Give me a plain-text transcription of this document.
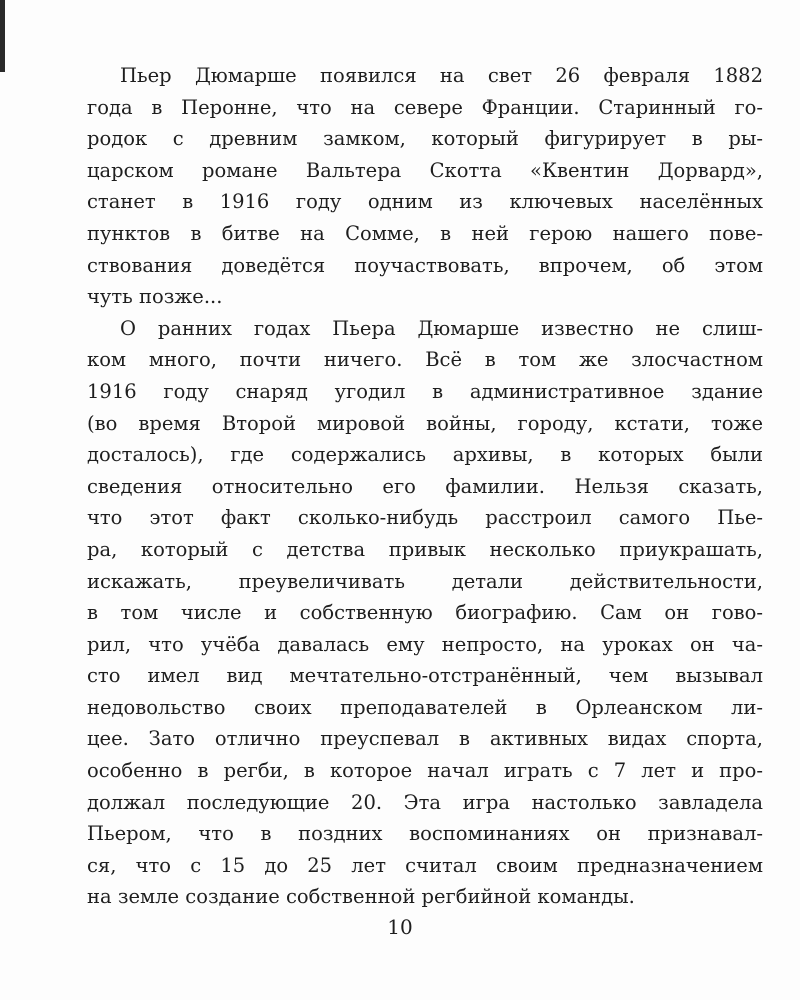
Пьер Дюмарше появился на свет 26 февраля 1882
года в Перонне, что на севере Франции. Старинный го-
родок с древним замком, который фигурирует в ры-
царском романе Вальтера Скотта «Квентин Дорвард»,
станет в 1916 году одним из ключевых населённых
пунктов в битве на Сомме, в ней герою нашего пове-
ствования доведётся поучаствовать, впрочем, об этом
чуть позже...
О ранних годах Пьера Дюмарше известно не слиш-
ком много, почти ничего. Всё в том же злосчастном
1916 году снаряд угодил в административное здание
(во время Второй мировой войны, городу, кстати, тоже
досталось), где содержались архивы, в которых были
сведения относительно его фамилии. Нельзя сказать,
что этот факт сколько-нибудь расстроил самого Пье-
ра, который с детства привык несколько приукрашать,
искажать, преувеличивать детали действительности,
в том числе и собственную биографию. Сам он гово-
рил, что учёба давалась ему непросто, на уроках он ча-
сто имел вид мечтательно-отстранённый, чем вызывал
недовольство своих преподавателей в Орлеанском ли-
цее. Зато отлично преуспевал в активных видах спорта,
особенно в регби, в которое начал играть с 7 лет и про-
должал последующие 20. Эта игра настолько завладела
Пьером, что в поздних воспоминаниях он признавал-
ся, что с 15 до 25 лет считал своим предназначением
на земле создание собственной регбийной команды.
10
